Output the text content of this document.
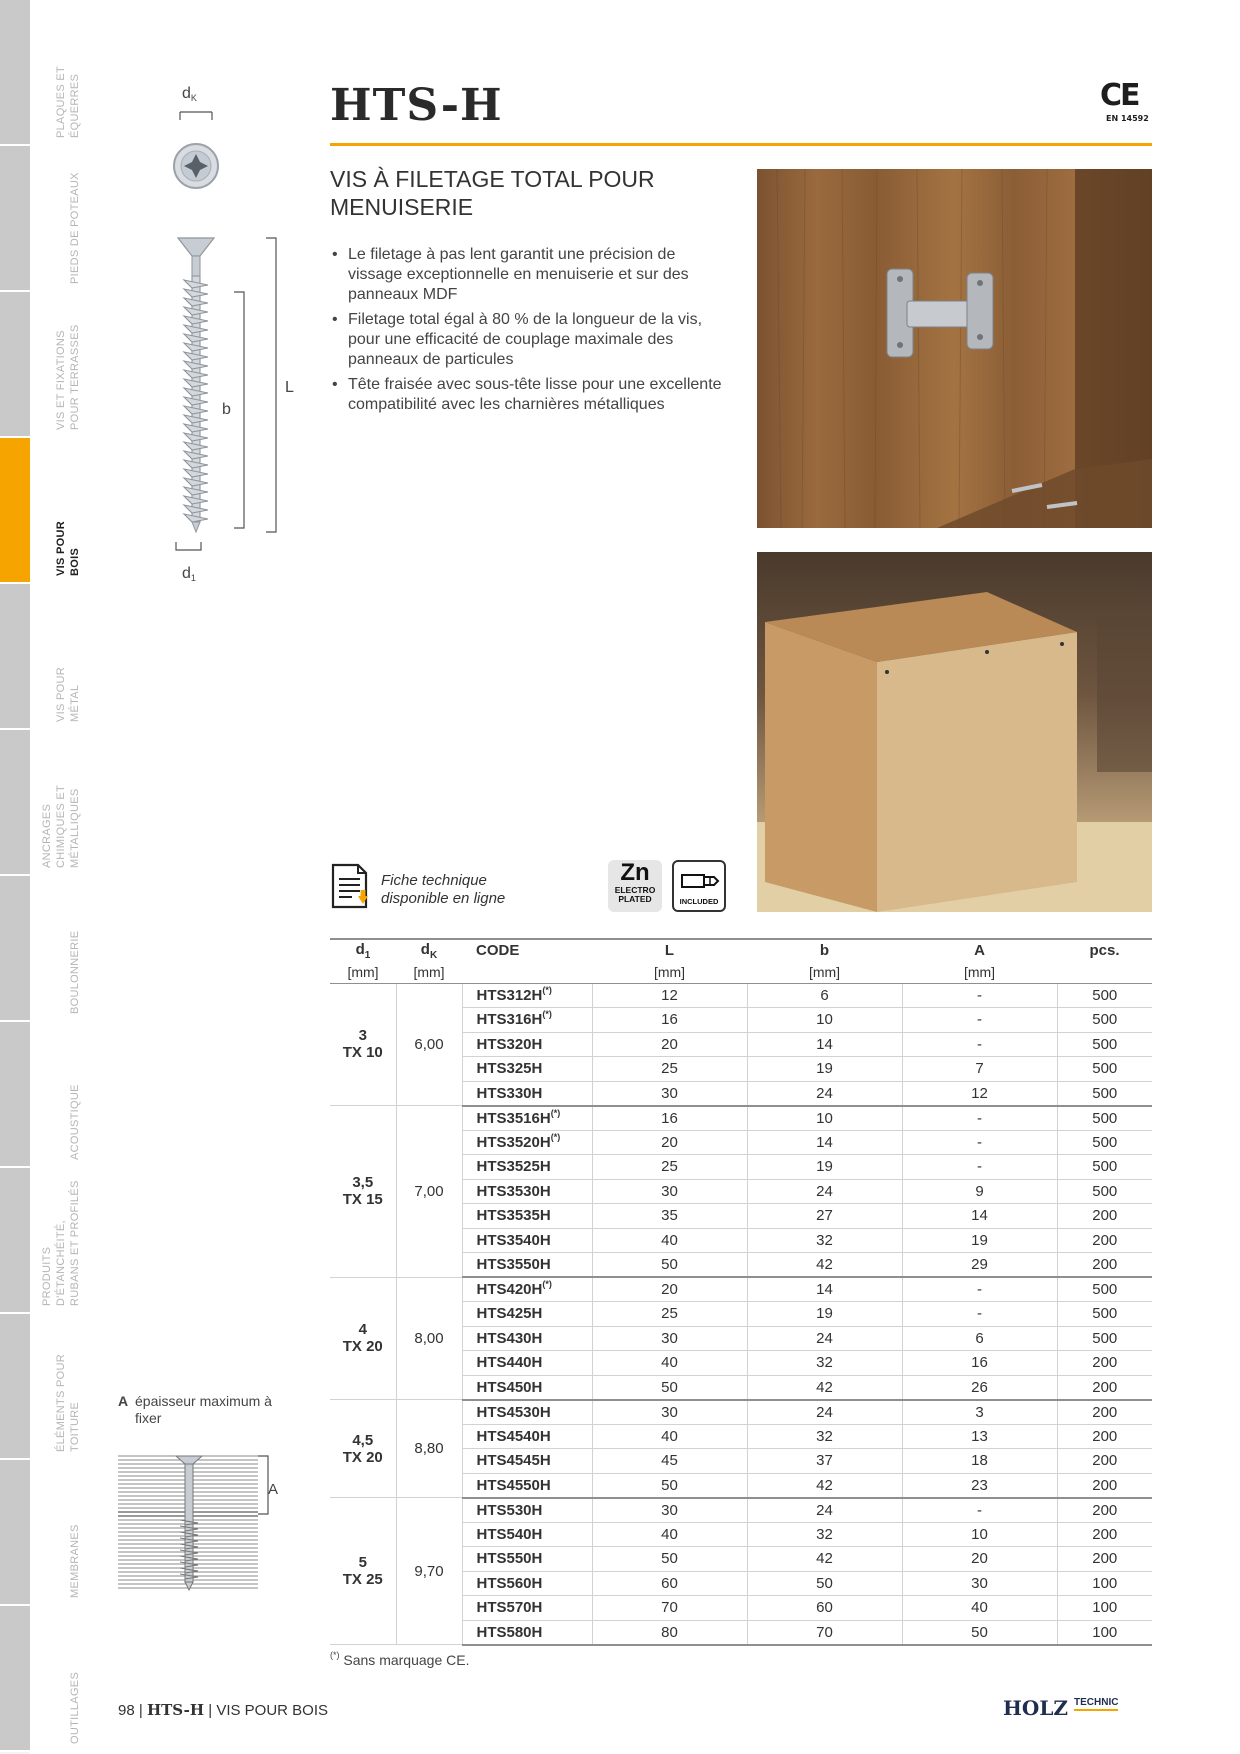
PLAQUES ET
ÉQUERRES
PIEDS DE POTEAUX
VIS ET FIXATIONS
POUR TERRASSES
VIS POUR
BOIS
VIS POUR
MÉTAL
ANCRAGES
CHIMIQUES ET
MÉTALLIQUES
BOULONNERIE
ACOUSTIQUE
PRODUITS
D'ÉTANCHÉITÉ,
RUBANS ET PROFILÉS
ÉLÉMENTS POUR
TOITURE
MEMBRANES
OUTILLAGES
dK
b
L
d1
HTS-H	CE
EN 14592
VIS À FILETAGE TOTAL POUR MENUISERIE
• Le filetage à pas lent garantit une précision de vissage exceptionnelle en menuiserie et sur des panneaux MDF
• Filetage total égal à 80 % de la longueur de la vis, pour une efficacité de couplage maximale des panneaux de particules
• Tête fraisée avec sous-tête lisse pour une excellente compatibilité avec les charnières métalliques
Fiche technique
disponible en ligne
Zn
ELECTRO
PLATED	INCLUDED
$d_1$	$d_K$	CODE	L	b	A	pcs.
[mm]	[mm]		[mm]	[mm]	[mm]	

3
TX 10	6,00	HTS312H(*)	12	6	-	500
		HTS316H(*)	16	10	-	500
		HTS320H	20	14	-	500
		HTS325H	25	19	7	500
		HTS330H	30	24	12	500

3,5
TX 15	7,00	HTS3516H(*)	16	10	-	500
		HTS3520H(*)	20	14	-	500
		HTS3525H	25	19	-	500
		HTS3530H	30	24	9	500
		HTS3535H	35	27	14	200
		HTS3540H	40	32	19	200
		HTS3550H	50	42	29	200

4
TX 20	8,00	HTS420H(*)	20	14	-	500
		HTS425H	25	19	-	500
		HTS430H	30	24	6	500
		HTS440H	40	32	16	200
		HTS450H	50	42	26	200

4,5
TX 20	8,80	HTS4530H	30	24	3	200
		HTS4540H	40	32	13	200
		HTS4545H	45	37	18	200
		HTS4550H	50	42	23	200

5
TX 25	9,70	HTS530H	30	24	-	200
		HTS540H	40	32	10	200
		HTS550H	50	42	20	200
		HTS560H	60	50	30	100
		HTS570H	70	60	40	100
		HTS580H	80	70	50	100
(*) Sans marquage CE.
A épaisseur maximum à fixer
A
98 | HTS-H | VIS POUR BOIS	HOLZ TECHNIC
